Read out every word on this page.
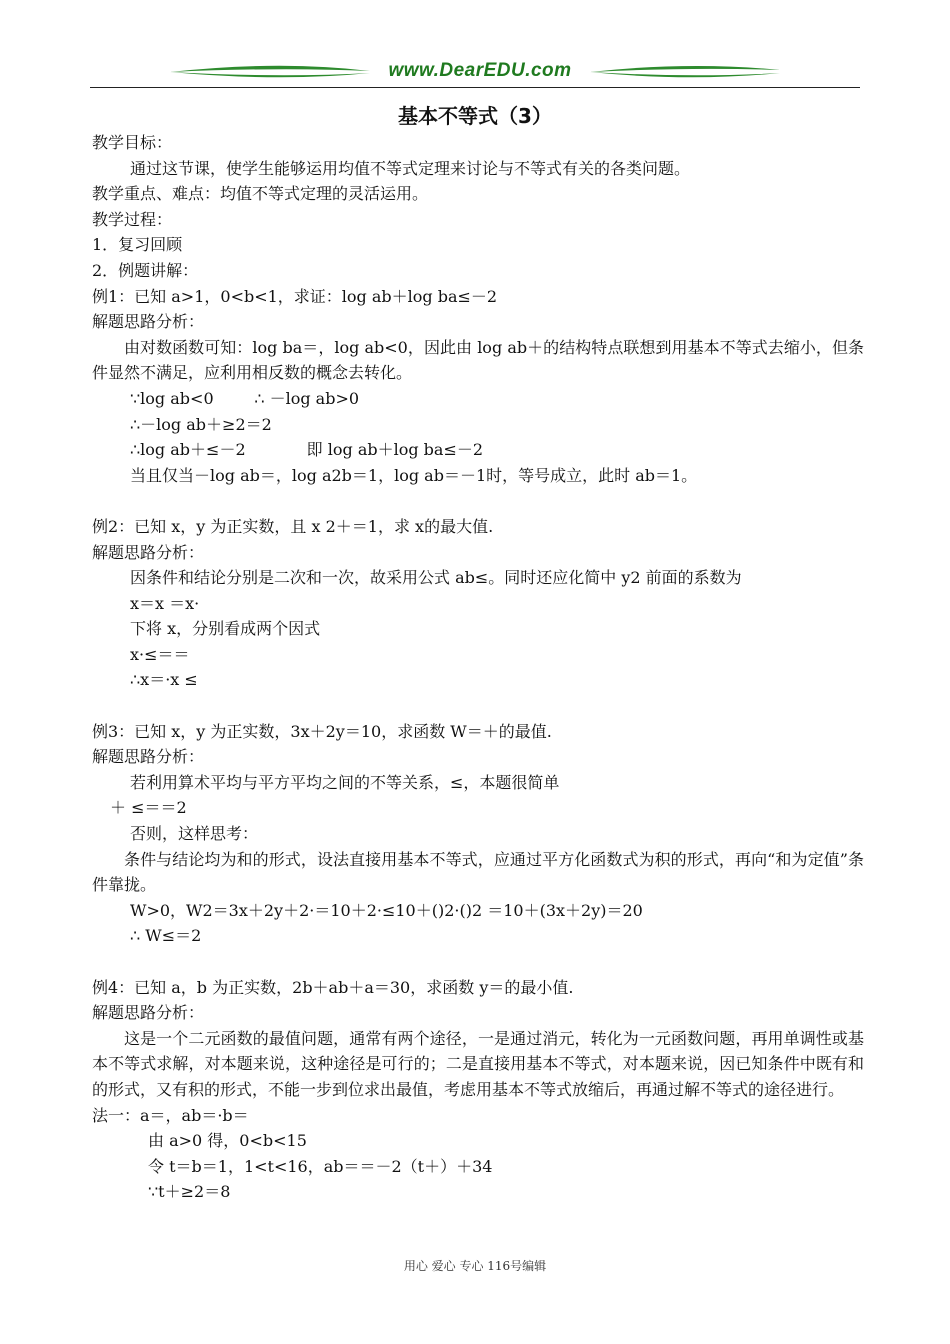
www.DearEDU.com
基本不等式（3）
教学目标：
通过这节课，使学生能够运用均值不等式定理来讨论与不等式有关的各类问题。
教学重点、难点：均值不等式定理的灵活运用。
教学过程：
1．复习回顾
2．例题讲解：
例1：已知 a>1，0<b<1，求证：log ab＋log ba≤－2
解题思路分析：
由对数函数可知：log ba＝，log ab<0，因此由 log ab＋的结构特点联想到用基本不等式去缩小，但条件显然不满足，应利用相反数的概念去转化。
∵log ab<0        ∴ －log ab>0
∴－log ab＋≥2＝2
∴log ab＋≤－2            即 log ab＋log ba≤－2
当且仅当－log ab＝，log a2b＝1，log ab＝－1时，等号成立，此时 ab＝1。
例2：已知 x，y 为正实数，且 x 2＋＝1，求 x的最大值.
解题思路分析：
因条件和结论分别是二次和一次，故采用公式 ab≤。同时还应化简中 y2 前面的系数为
x＝x ＝x·
下将 x，分别看成两个因式
x·≤＝＝
∴x＝·x ≤
例3：已知 x，y 为正实数，3x＋2y＝10，求函数 W＝＋的最值.
解题思路分析：
若利用算术平均与平方平均之间的不等关系，≤，本题很简单
＋ ≤＝＝2
否则，这样思考：
条件与结论均为和的形式，设法直接用基本不等式，应通过平方化函数式为积的形式，再向“和为定值”条件靠拢。
W>0，W2＝3x＋2y＋2·＝10＋2·≤10＋()2·()2 ＝10＋(3x＋2y)＝20
∴ W≤＝2
例4：已知 a，b 为正实数，2b＋ab＋a＝30，求函数 y＝的最小值.
解题思路分析：
这是一个二元函数的最值问题，通常有两个途径，一是通过消元，转化为一元函数问题，再用单调性或基本不等式求解，对本题来说，这种途径是可行的；二是直接用基本不等式，对本题来说，因已知条件中既有和的形式，又有积的形式，不能一步到位求出最值，考虑用基本不等式放缩后，再通过解不等式的途径进行。
法一：a＝，ab＝·b＝
由 a>0 得，0<b<15
令 t＝b＝1，1<t<16，ab＝＝－2（t＋）＋34
∵t＋≥2＝8
用心 爱心 专心 116号编辑
